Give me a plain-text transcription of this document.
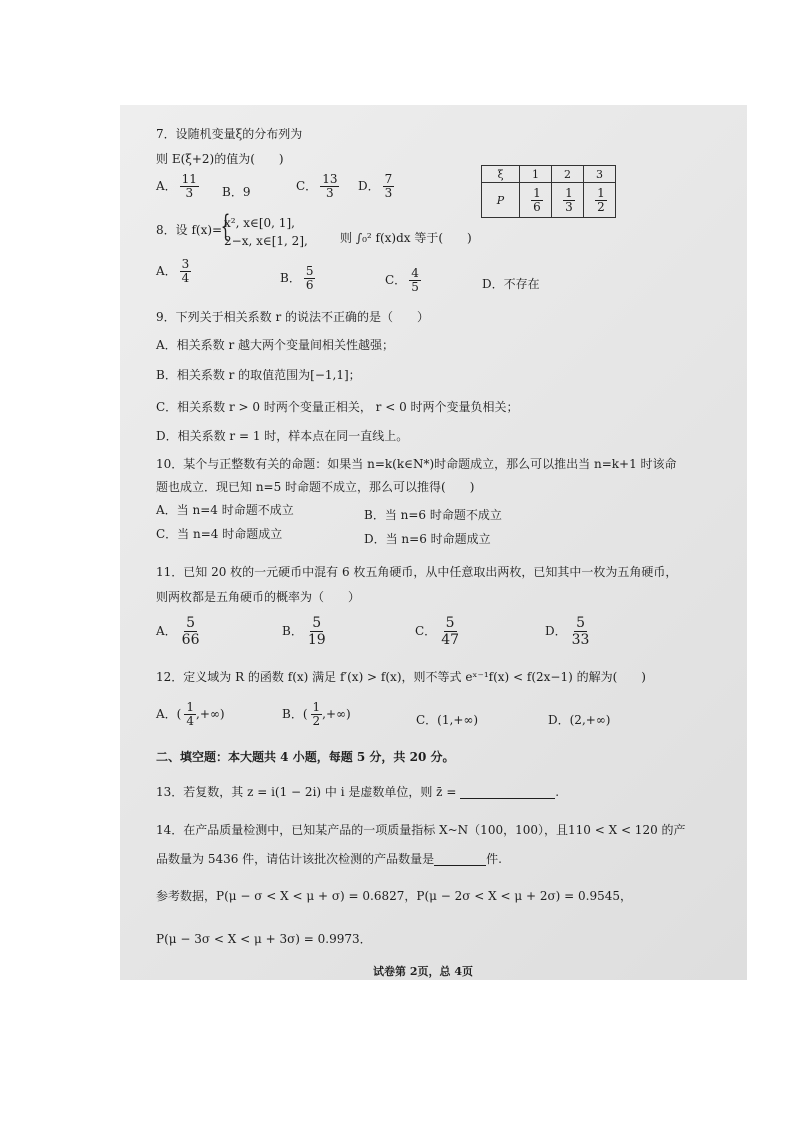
7．设随机变量ξ的分布列为
则 E(ξ+2)的值为(　　)
A． $\frac{11}{3}$ B．9	C． $\frac{13}{3}$ D． $\frac{7}{3}$	ξ	1	2	3
P	$\frac{1}{6}$	$\frac{1}{3}$	$\frac{1}{2}$
8．设 f(x)=
{
x², x∈[0, 1],
2−x, x∈[1, 2],	则 ∫₀² f(x)dx 等于(　　)
A． $\frac{3}{4}$	B． $\frac{5}{6}$	C． $\frac{4}{5}$	D．不存在
9．下列关于相关系数 r 的说法不正确的是（　　）
A．相关系数 r 越大两个变量间相关性越强；
B．相关系数 r 的取值范围为[−1,1]；
C．相关系数 r > 0 时两个变量正相关， r < 0 时两个变量负相关；
D．相关系数 r = 1 时，样本点在同一直线上。
10．某个与正整数有关的命题：如果当 n=k(k∈N*)时命题成立，那么可以推出当 n=k+1 时该命
题也成立．现已知 n=5 时命题不成立，那么可以推得(　　)
A．当 n=4 时命题不成立	B．当 n=6 时命题不成立
C．当 n=4 时命题成立	D．当 n=6 时命题成立
11．已知 20 枚的一元硬币中混有 6 枚五角硬币，从中任意取出两枚，已知其中一枚为五角硬币，
则两枚都是五角硬币的概率为（　　）
A． $\frac{5}{66}$	B． $\frac{5}{19}$	C． $\frac{5}{47}$	D． $\frac{5}{33}$
12．定义域为 R 的函数 f(x) 满足 f′(x) > f(x)，则不等式 eˣ⁻¹f(x) < f(2x−1) 的解为(　　)
A．( $\frac{1}{4}$ ,+∞)	B．( $\frac{1}{2}$ ,+∞)	C．(1,+∞)	D．(2,+∞)
二、填空题：本大题共 4 小题，每题 5 分，共 20 分。
13．若复数，其 z = i(1 − 2i) 中 i 是虚数单位，则 z̄ =	.
14．在产品质量检测中，已知某产品的一项质量指标 X~N（100，100），且110 < X < 120 的产
品数量为 5436 件，请估计该批次检测的产品数量是	件.
参考数据，P(μ − σ < X < μ + σ) = 0.6827，P(μ − 2σ < X < μ + 2σ) = 0.9545，
P(μ − 3σ < X < μ + 3σ) = 0.9973．
试卷第 2页，总 4页
